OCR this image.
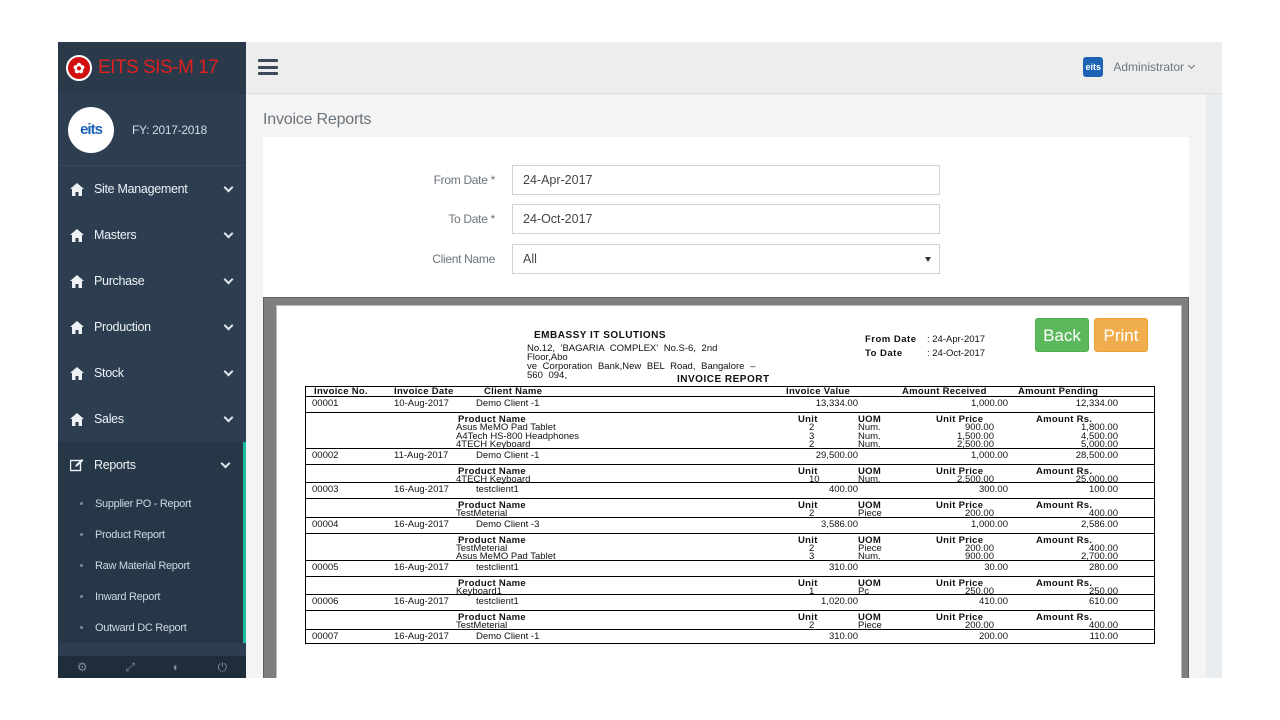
✿ EITS SIS-M 17
eits	FY: 2017-2018
Site Management
Masters
Purchase
Production
Stock
Sales
Reports
Supplier PO - Report
Product Report
Raw Material Report
Inward Report
Outward DC Report
⚙	⤢	◐	⏻
eits Administrator
Invoice Reports
From Date *	24-Apr-2017
To Date *	24-Oct-2017
Client Name	All
Back	Print
EMBASSY IT SOLUTIONS
No.12, 'BAGARIA COMPLEX' No.S-6, 2nd
Floor,Abo
ve Corporation Bank,New BEL Road, Bangalore –
560 094,	INVOICE REPORT
From Date : 24-Apr-2017
To Date	: 24-Oct-2017
Invoice No.	Invoice Date	Client Name	Invoice Value	Amount Received	Amount Pending
00001	10-Aug-2017	Demo Client -1	13,334.00	1,000.00	12,334.00
Product Name	Unit	UOM	Unit Price	Amount Rs.
Asus MeMO Pad Tablet	2	Num.	900.00	1,800.00
A4Tech HS-800 Headphones	3	Num.	1,500.00	4,500.00
4TECH Keyboard	2	Num.	2,500.00	5,000.00
00002	11-Aug-2017	Demo Client -1	29,500.00	1,000.00	28,500.00
Product Name	Unit	UOM	Unit Price	Amount Rs.
4TECH Keyboard	10	Num.	2,500.00	25,000.00
00003	16-Aug-2017	testclient1	400.00	300.00	100.00
Product Name	Unit	UOM	Unit Price	Amount Rs.
TestMeterial	2	Piece	200.00	400.00
00004	16-Aug-2017	Demo Client -3	3,586.00	1,000.00	2,586.00
Product Name	Unit	UOM	Unit Price	Amount Rs.
TestMeterial	2	Piece	200.00	400.00
Asus MeMO Pad Tablet	3	Num.	900.00	2,700.00
00005	16-Aug-2017	testclient1	310.00	30.00	280.00
Product Name	Unit	UOM	Unit Price	Amount Rs.
Keyboard1	1	Pc	250.00	250.00
00006	16-Aug-2017	testclient1	1,020.00	410.00	610.00
Product Name	Unit	UOM	Unit Price	Amount Rs.
TestMeterial	2	Piece	200.00	400.00
00007	16-Aug-2017	Demo Client -1	310.00	200.00	110.00
